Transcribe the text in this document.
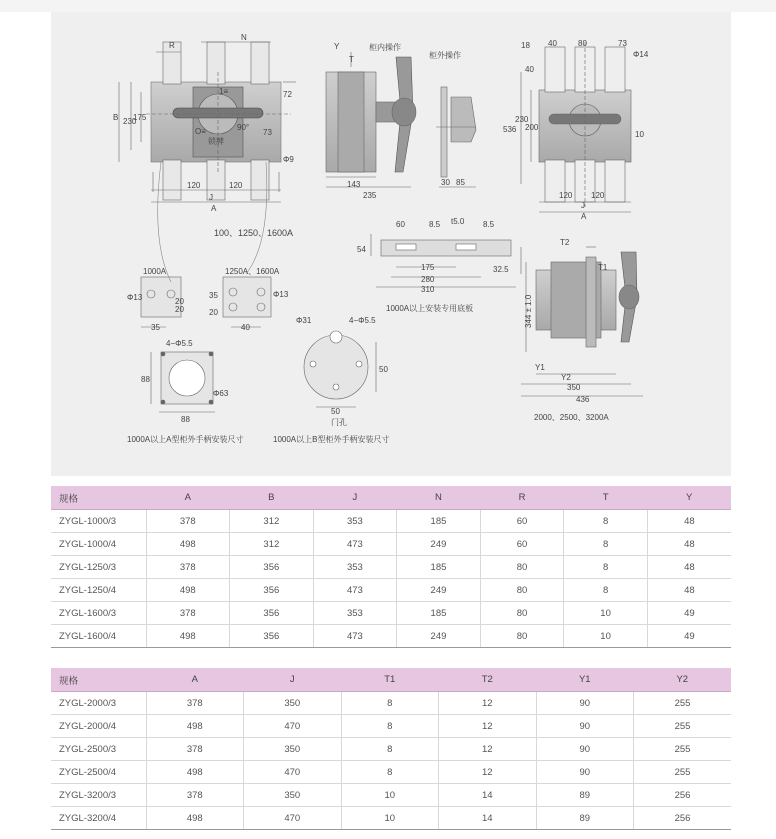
R
N
B 230
175
72
73
Φ9
1≡
90°
O≡
锁牌
120	120
J
A
Y
T
柜内操作
柜外操作
143
235
30 85
18 40	80	73
Φ14
536
230
200
40
10
120 120
J
A
100、1250、1600A
60	8.5 t5.0 8.5
54
175
280
310
32.5
1000A以上安装专用底板
1000A
Φ13
35
20
20
1250A、1600A
35
20
40
Φ13
4−Φ5.5
88
88
Φ63
1000A以上A型柜外手柄安装尺寸
Φ31	4−Φ5.5
50
50
门孔
1000A以上B型柜外手柄安装尺寸
T2
T1
344 ± 1.0
Y1
Y2
350
436
2000、2500、3200A
规格	A	B	J	N	R	T	Y
ZYGL-1000/3	378	312	353	185	60	8	48
ZYGL-1000/4	498	312	473	249	60	8	48
ZYGL-1250/3	378	356	353	185	80	8	48
ZYGL-1250/4	498	356	473	249	80	8	48
ZYGL-1600/3	378	356	353	185	80	10	49
ZYGL-1600/4	498	356	473	249	80	10	49
规格	A	J	T1	T2	Y1	Y2
ZYGL-2000/3	378	350	8	12	90	255
ZYGL-2000/4	498	470	8	12	90	255
ZYGL-2500/3	378	350	8	12	90	255
ZYGL-2500/4	498	470	8	12	90	255
ZYGL-3200/3	378	350	10	14	89	256
ZYGL-3200/4	498	470	10	14	89	256
